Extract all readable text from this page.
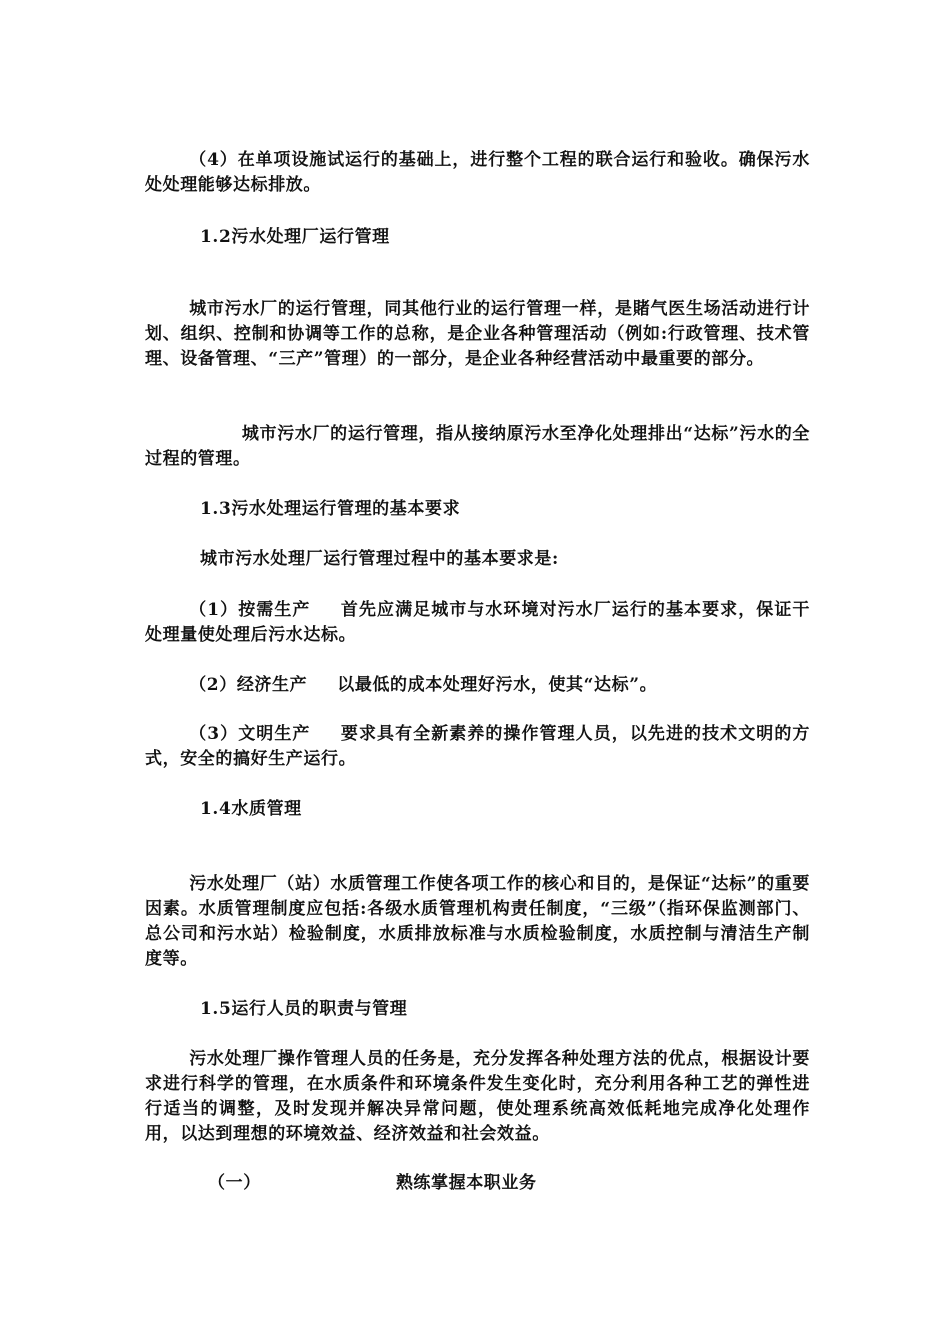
（4）在单项设施试运行的基础上，进行整个工程的联合运行和验收。确保污水处处理能够达标排放。

1.2污水处理厂运行管理

城市污水厂的运行管理，同其他行业的运行管理一样，是賭气医生场活动进行计划、组织、控制和协调等工作的总称，是企业各种管理活动（例如:行政管理、技术管理、设备管理、“三产”管理）的一部分，是企业各种经营活动中最重要的部分。

城市污水厂的运行管理，指从接纳原污水至净化处理排出“达标”污水的全过程的管理。

1.3污水处理运行管理的基本要求

城市污水处理厂运行管理过程中的基本要求是:

（1）按需生产 首先应满足城市与水环境对污水厂运行的基本要求，保证干处理量使处理后污水达标。

（2）经济生产 以最低的成本处理好污水，使其“达标”。

（3）文明生产 要求具有全新素养的操作管理人员，以先进的技术文明的方式，安全的搞好生产运行。

1.4水质管理

污水处理厂（站）水质管理工作使各项工作的核心和目的，是保证“达标”的重要因素。水质管理制度应包括:各级水质管理机构责任制度，“三级”（指环保监测部门、总公司和污水站）检验制度，水质排放标准与水质检验制度，水质控制与清洁生产制度等。

1.5运行人员的职责与管理

污水处理厂操作管理人员的任务是，充分发挥各种处理方法的优点，根据设计要求进行科学的管理，在水质条件和环境条件发生变化时，充分利用各种工艺的弹性进行适当的调整，及时发现并解决异常问题，使处理系统高效低耗地完成净化处理作用，以达到理想的环境效益、经济效益和社会效益。

（一）	熟练掌握本职业务
